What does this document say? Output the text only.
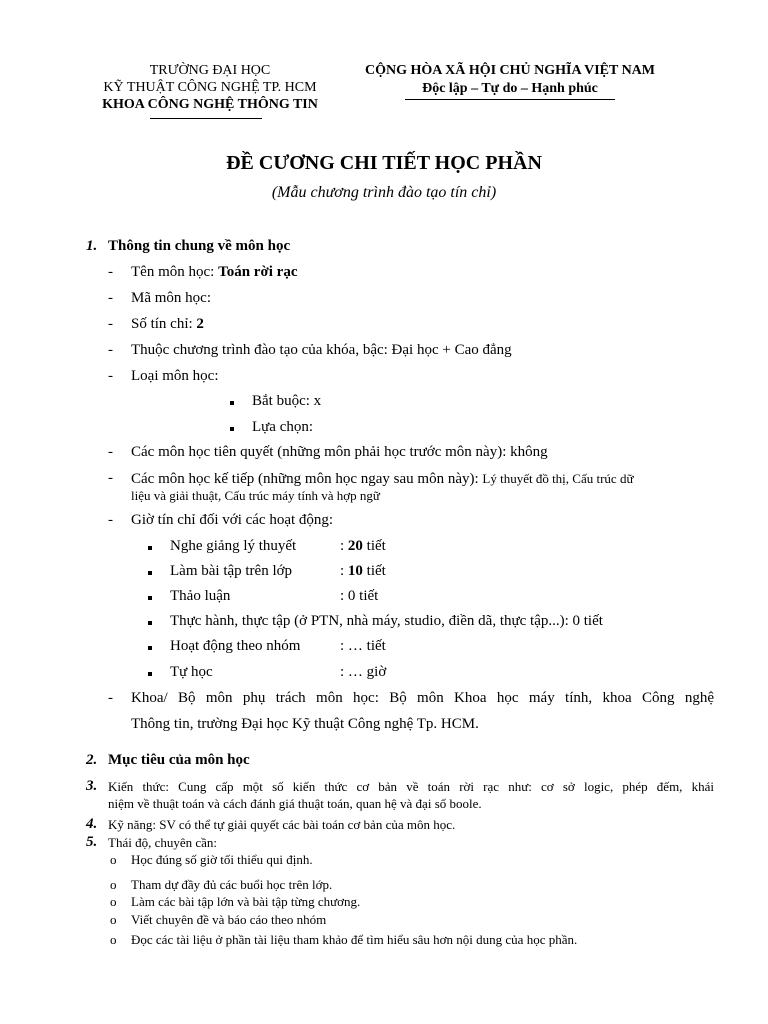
TRƯỜNG ĐẠI HỌC
KỸ THUẬT CÔNG NGHỆ TP. HCM
KHOA CÔNG NGHỆ THÔNG TIN
CỘNG HÒA XÃ HỘI CHỦ NGHĨA VIỆT NAM
Độc lập – Tự do – Hạnh phúc
ĐỀ CƯƠNG CHI TIẾT HỌC PHẦN
(Mẫu chương trình đào tạo tín chỉ)
1. Thông tin chung về môn học
- Tên môn học: Toán rời rạc
- Mã môn học:
- Số tín chỉ: 2
- Thuộc chương trình đào tạo của khóa, bậc: Đại học + Cao đẳng
- Loại môn học:
Bắt buộc: x
Lựa chọn:
- Các môn học tiên quyết (những môn phải học trước môn này): không
- Các môn học kế tiếp (những môn học ngay sau môn này): Lý thuyết đồ thị, Cấu trúc dữ
liệu và giải thuật, Cấu trúc máy tính và hợp ngữ
- Giờ tín chỉ đối với các hoạt động:
Nghe giảng lý thuyết	: 20 tiết
Làm bài tập trên lớp	: 10 tiết
Thảo luận	: 0 tiết
Thực hành, thực tập (ở PTN, nhà máy, studio, điền dã, thực tập...): 0 tiết
Hoạt động theo nhóm	: … tiết
Tự học	: … giờ
- Khoa/ Bộ môn phụ trách môn học: Bộ môn Khoa học máy tính, khoa Công nghệ
Thông tin, trường Đại học Kỹ thuật Công nghệ Tp. HCM.
2. Mục tiêu của môn học
3. Kiến thức: Cung cấp một số kiến thức cơ bản về toán rời rạc như: cơ sở logic, phép đếm, khái
niệm về thuật toán và cách đánh giá thuật toán, quan hệ và đại số boole.
4. Kỹ năng: SV có thể tự giải quyết các bài toán cơ bản của môn học.
5. Thái độ, chuyên cần:
o Học đúng số giờ tối thiểu qui định.
o Tham dự đầy đủ các buổi học trên lớp.
o Làm các bài tập lớn và bài tập từng chương.
o Viết chuyên đề và báo cáo theo nhóm
o Đọc các tài liệu ở phần tài liệu tham khảo để tìm hiểu sâu hơn nội dung của học phần.
